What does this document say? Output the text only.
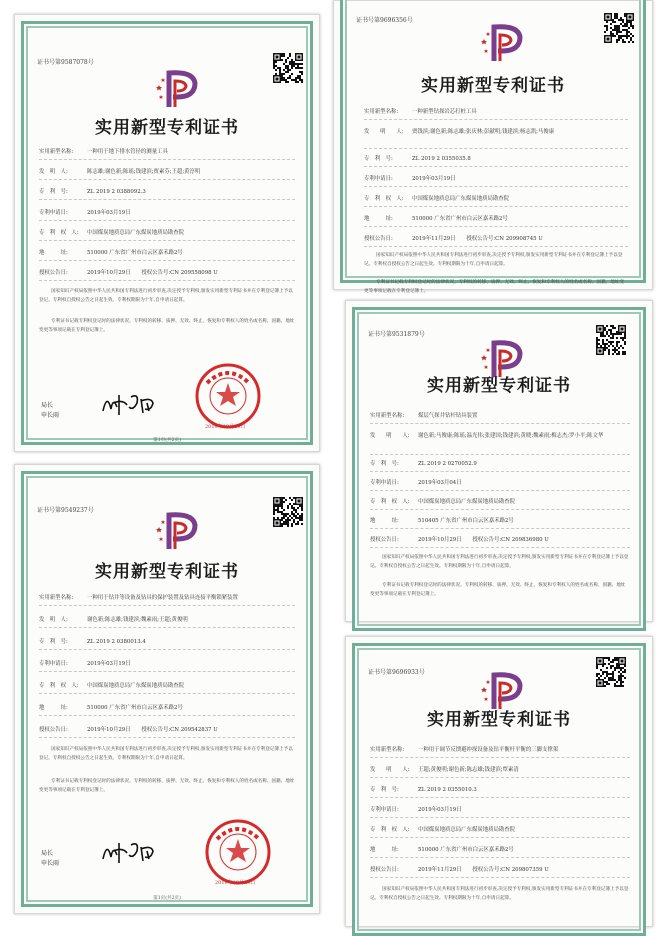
证书号第9587078号
实用新型专利证书
实用新型名称:	一种用于地下排水管径的测量工具
发　明　人:	陈志雄;谢色新;陈瑶;钱建滨;贾素芬;王超;黄淳明
专　利　号:	ZL 2019 2 0388092.3
专利申请日:	2019年03月19日
专　利　权　人: 中国煤炭地质总局广东煤炭地质局勘查院
地　　　址:	510000 广东省广州市白云区嘉禾路2号
授权公告日:	2019年10月29日　　授权公告号:CN 209558098 U
国家知识产权局依照中华人民共和国专利法进行初步审查,决定授予专利权,颁发实用新型专利证书并在专利登记簿上予以登记。专利权自授权公告之日起生效。专利权期限为十年,自申请日起算。
专利证书记载专利权登记时的法律状况。专利权的转移、质押、无效、终止、恢复和专利权人的姓名或名称、国籍、地址变更等事项记载在专利登记簿上。
局长
申长雨
2019年10月29日
第1页(共2页)
证书号第9696356号
实用新型专利证书
实用新型名称:	一种新型钻探岩芯打桩工具
发　　明　　人: 贾钱滨;谢色新;陈志雄;张庆林;彭献明;钱建滨;杨志凯;马俊康
专　利　号:	ZL 2019 2 0355035.8
专利申请日:	2019年03月19日
专　利　权　人: 中国煤炭地质总局广东煤炭地质局勘查院
地　　　址:	510000 广东省广州市白云区嘉禾路2号
授权公告日:	2019年11月29日　　授权公告号:CN 209908745 U
国家知识产权局依照中华人民共和国专利法进行初步审查,决定授予专利权,颁发实用新型专利证书并在专利登记簿上予以登记。专利权自授权公告之日起生效。专利权期限为十年,自申请日起算。
专利证书记载专利权登记时的法律状况。专利权的转移、质押、无效、终止、恢复和专利权人的姓名或名称、国籍、地址变更等事项记载在专利登记簿上。
证书号第9531879号
实用新型专利证书
实用新型名称:	煤层气探井钻杆钻具装置
发　　明　　人: 谢色新;马俊康;陈瑶;温光伟;张建国;钱建滨;黄晓;魏素雨;梅志杰;罗小平;陈文华
专　利　号:	ZL 2019 2 0270052.9
专利申请日:	2019年03月04日
专　利　权　人: 中国煤炭地质总局广东煤炭地质局勘查院
地　　　址:	510405 广东省广州市白云区嘉禾路2号
授权公告日:	2019年10月29日　　授权公告号:CN 209836980 U
国家知识产权局依照中华人民共和国专利法进行初步审查,决定授予专利权,颁发实用新型专利证书并在专利登记簿上予以登记。专利权自授权公告之日起生效。专利权期限为十年,自申请日起算。
专利证书记载专利权登记时的法律状况。专利权的转移、质押、无效、终止、恢复和专利权人的姓名或名称、国籍、地址变更等事项记载在专利登记簿上。
证书号第9549237号
实用新型专利证书
实用新型名称:	一种用于钻井等设备及钻具的保护装置及钻具连接平衡锁紧装置
发　明　人:	谢色新;陈志雄;钱建滨;魏素雨;王超;黄俊明
专　利　号:	ZL 2019 2 0380013.4
专利申请日:	2019年03月19日
专　利　权　人: 中国煤炭地质总局广东煤炭地质局勘查院
地　　　址:	510000 广东省广州市白云区嘉禾路2号
授权公告日:	2019年10月29日　　授权公告号:CN 209542837 U
国家知识产权局依照中华人民共和国专利法进行初步审查,决定授予专利权,颁发实用新型专利证书并在专利登记簿上予以登记。专利权自授权公告之日起生效。专利权期限为十年,自申请日起算。
专利证书记载专利权登记时的法律状况。专利权的转移、质押、无效、终止、恢复和专利权人的姓名或名称、国籍、地址变更等事项记载在专利登记簿上。
局长
申长雨
2019年10月29日
第1页(共2页)
证书号第9696933号
实用新型专利证书
实用新型名称:	一种用于调节反馈避冲探设备及钻平衡杆平衡的三脚支撑架
发　　明　　人: 王超;黄俊明;谢色新;陈志雄;钱建滨;覃素清
专　利　号:	ZL 2019 2 0355010.3
专利申请日:	2019年03月19日
专　利　权　人: 中国煤炭地质总局广东煤炭地质局勘查院
地　　　址:	510000 广东省广州市白云区嘉禾路2号
授权公告日:	2019年11月29日　　授权公告号:CN 209807359 U
国家知识产权局依照中华人民共和国专利法进行初步审查,决定授予专利权,颁发实用新型专利证书并在专利登记簿上予以登记。专利权自授权公告之日起生效。专利权期限为十年,自申请日起算。
